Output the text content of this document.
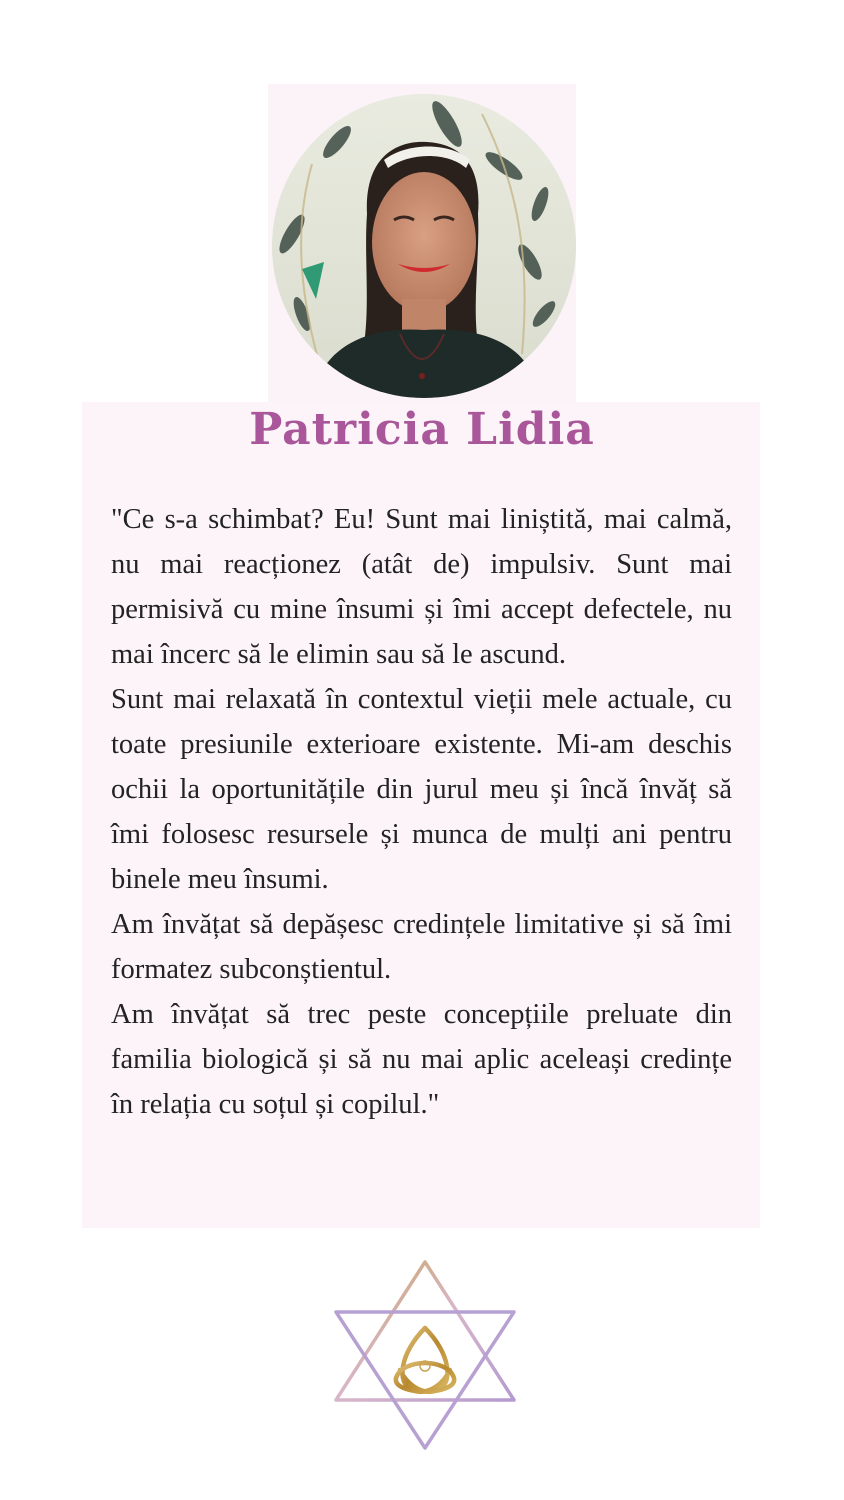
Patricia Lidia

"Ce s-a schimbat? Eu! Sunt mai liniștită, mai calmă, nu mai reacționez (atât de) impulsiv. Sunt mai permisivă cu mine însumi și îmi accept defectele, nu mai încerc să le elimin sau să le ascund.

Sunt mai relaxată în contextul vieții mele actuale, cu toate presiunile exterioare existente. Mi-am deschis ochii la oportunitățile din jurul meu și încă învăț să îmi folosesc resursele și munca de mulți ani pentru binele meu însumi.

Am învățat să depășesc credințele limitative și să îmi formatez subconștientul.

Am învățat să trec peste concepțiile preluate din familia biologică și să nu mai aplic aceleași credințe în relația cu soțul și copilul."
